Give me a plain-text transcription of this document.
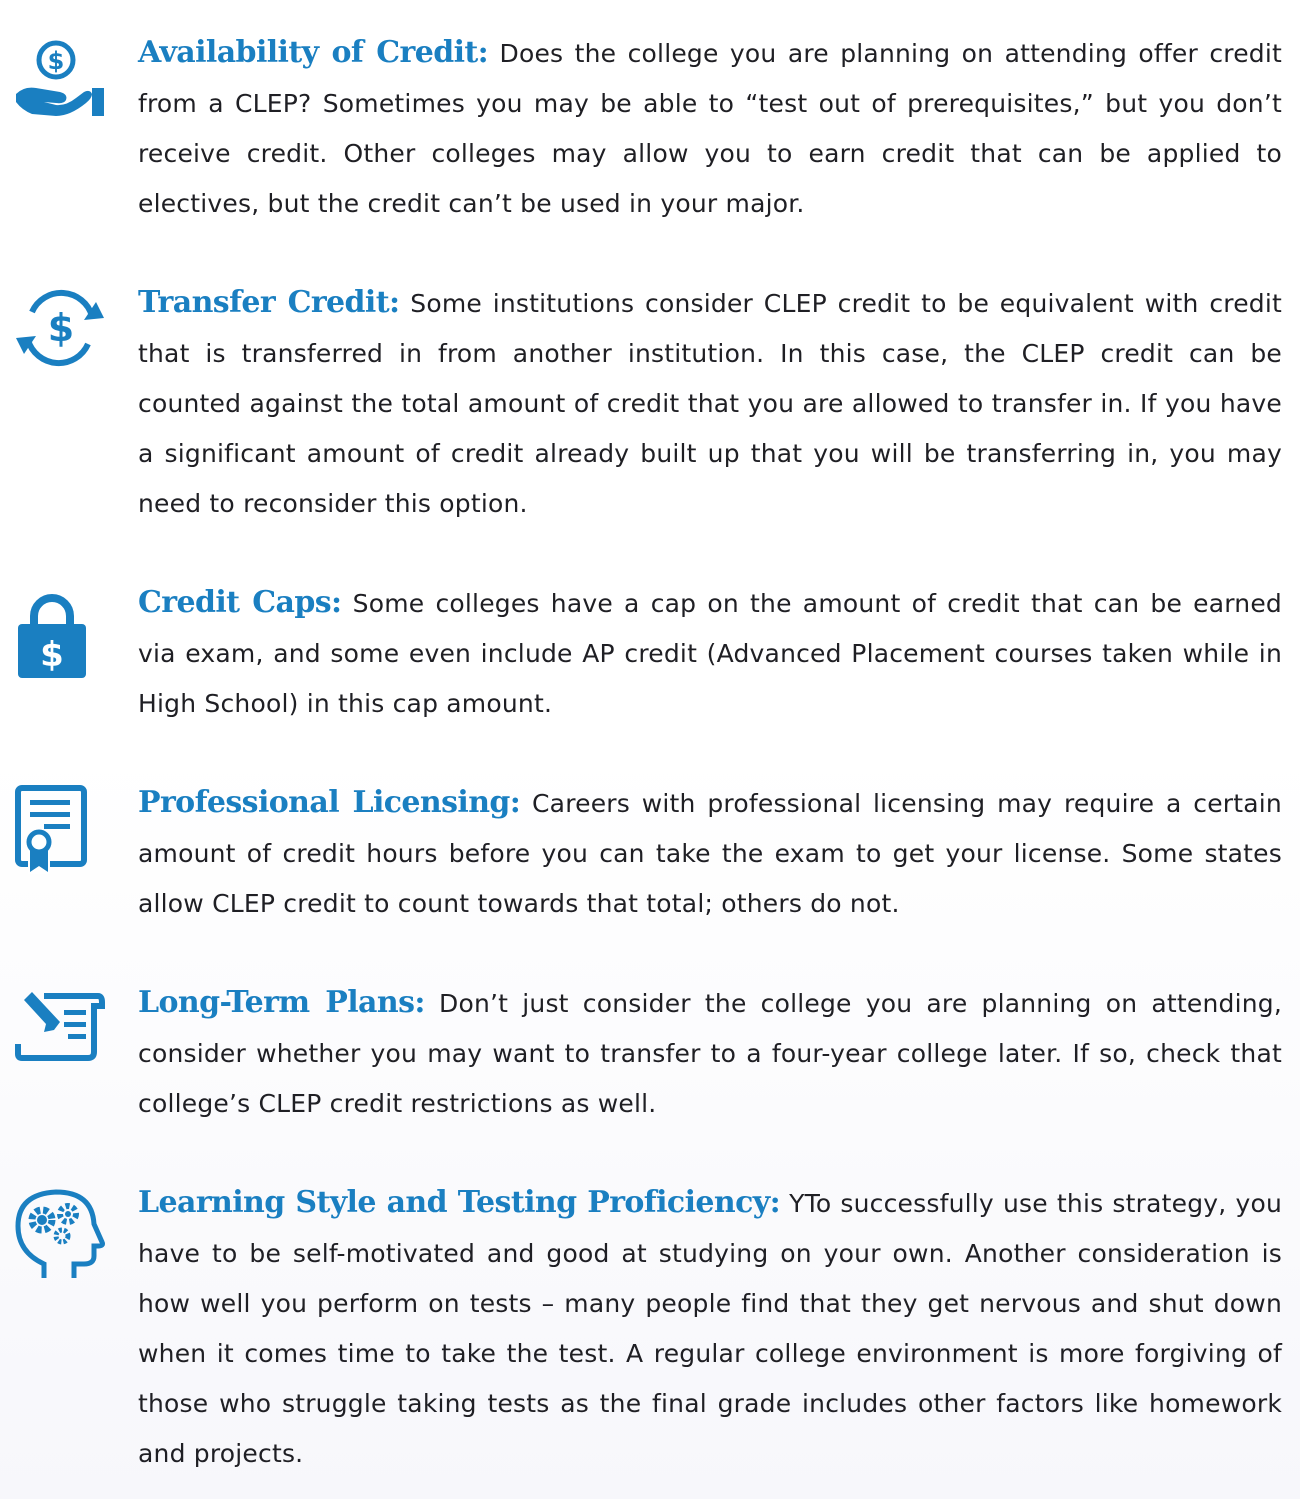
$ Availability of Credit: Does the college you are planning on attending offer credit from a CLEP? Sometimes you may be able to “test out of prerequisites,” but you don’t receive credit. Other colleges may allow you to earn credit that can be applied to electives, but the credit can’t be used in your major.

$

Transfer Credit: Some institutions consider CLEP credit to be equivalent with credit that is transferred in from another institution. In this case, the CLEP credit can be counted against the total amount of credit that you are allowed to transfer in. If you have a significant amount of credit already built up that you will be transferring in, you may need to reconsider this option.

$

Credit Caps: Some colleges have a cap on the amount of credit that can be earned via exam, and some even include AP credit (Advanced Placement courses taken while in High School) in this cap amount.

Professional Licensing: Careers with professional licensing may require a certain amount of credit hours before you can take the exam to get your license. Some states allow CLEP credit to count towards that total; others do not.

Long-Term Plans: Don’t just consider the college you are planning on attending, consider whether you may want to transfer to a four-year college later. If so, check that college’s CLEP credit restrictions as well.

Learning Style and Testing Proficiency: YTo successfully use this strategy, you have to be self-motivated and good at studying on your own. Another consideration is how well you perform on tests – many people find that they get nervous and shut down when it comes time to take the test. A regular college environment is more forgiving of those who struggle taking tests as the final grade includes other factors like homework and projects.
